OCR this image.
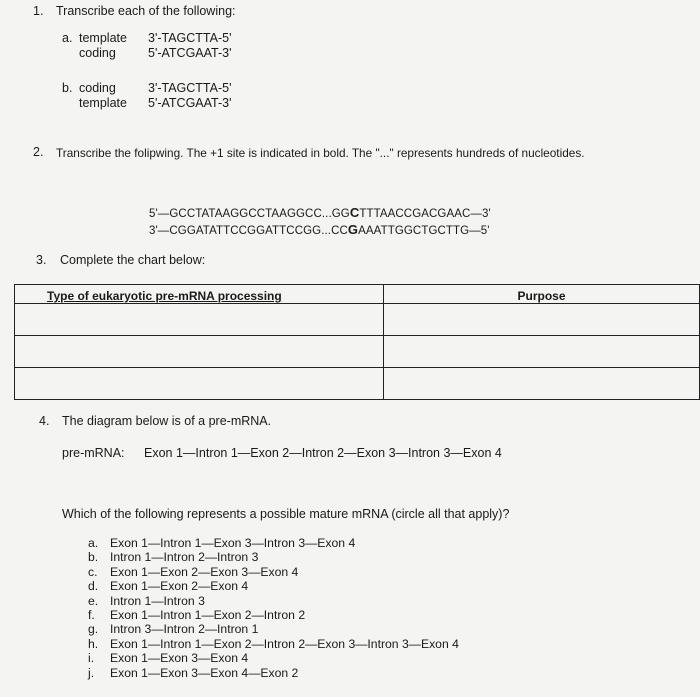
1. Transcribe each of the following:
a. template 3'-TAGCTTA-5'
coding	5'-ATCGAAT-3'
b. coding	3'-TAGCTTA-5'
template 5'-ATCGAAT-3'
2. Transcribe the folipwing. The +1 site is indicated in bold. The "..." represents hundreds of nucleotides.
5'—GCCTATAAGGCCTAAGGCC...GGCTTTAACCGACGAAC—3'
3'—CGGATATTCCGGATTCCGG...CCGAAATTGGCTGCTTG—5'
3. Complete the chart below:
Type of eukaryotic pre-mRNA processing	Purpose

4. The diagram below is of a pre-mRNA.
pre-mRNA: Exon 1—Intron 1—Exon 2—Intron 2—Exon 3—Intron 3—Exon 4
Which of the following represents a possible mature mRNA (circle all that apply)?
a. Exon 1—Intron 1—Exon 3—Intron 3—Exon 4
b. Intron 1—Intron 2—Intron 3
c. Exon 1—Exon 2—Exon 3—Exon 4
d. Exon 1—Exon 2—Exon 4
e. Intron 1—Intron 3
f. Exon 1—Intron 1—Exon 2—Intron 2
g. Intron 3—Intron 2—Intron 1
h. Exon 1—Intron 1—Exon 2—Intron 2—Exon 3—Intron 3—Exon 4
i. Exon 1—Exon 3—Exon 4
j. Exon 1—Exon 3—Exon 4—Exon 2
